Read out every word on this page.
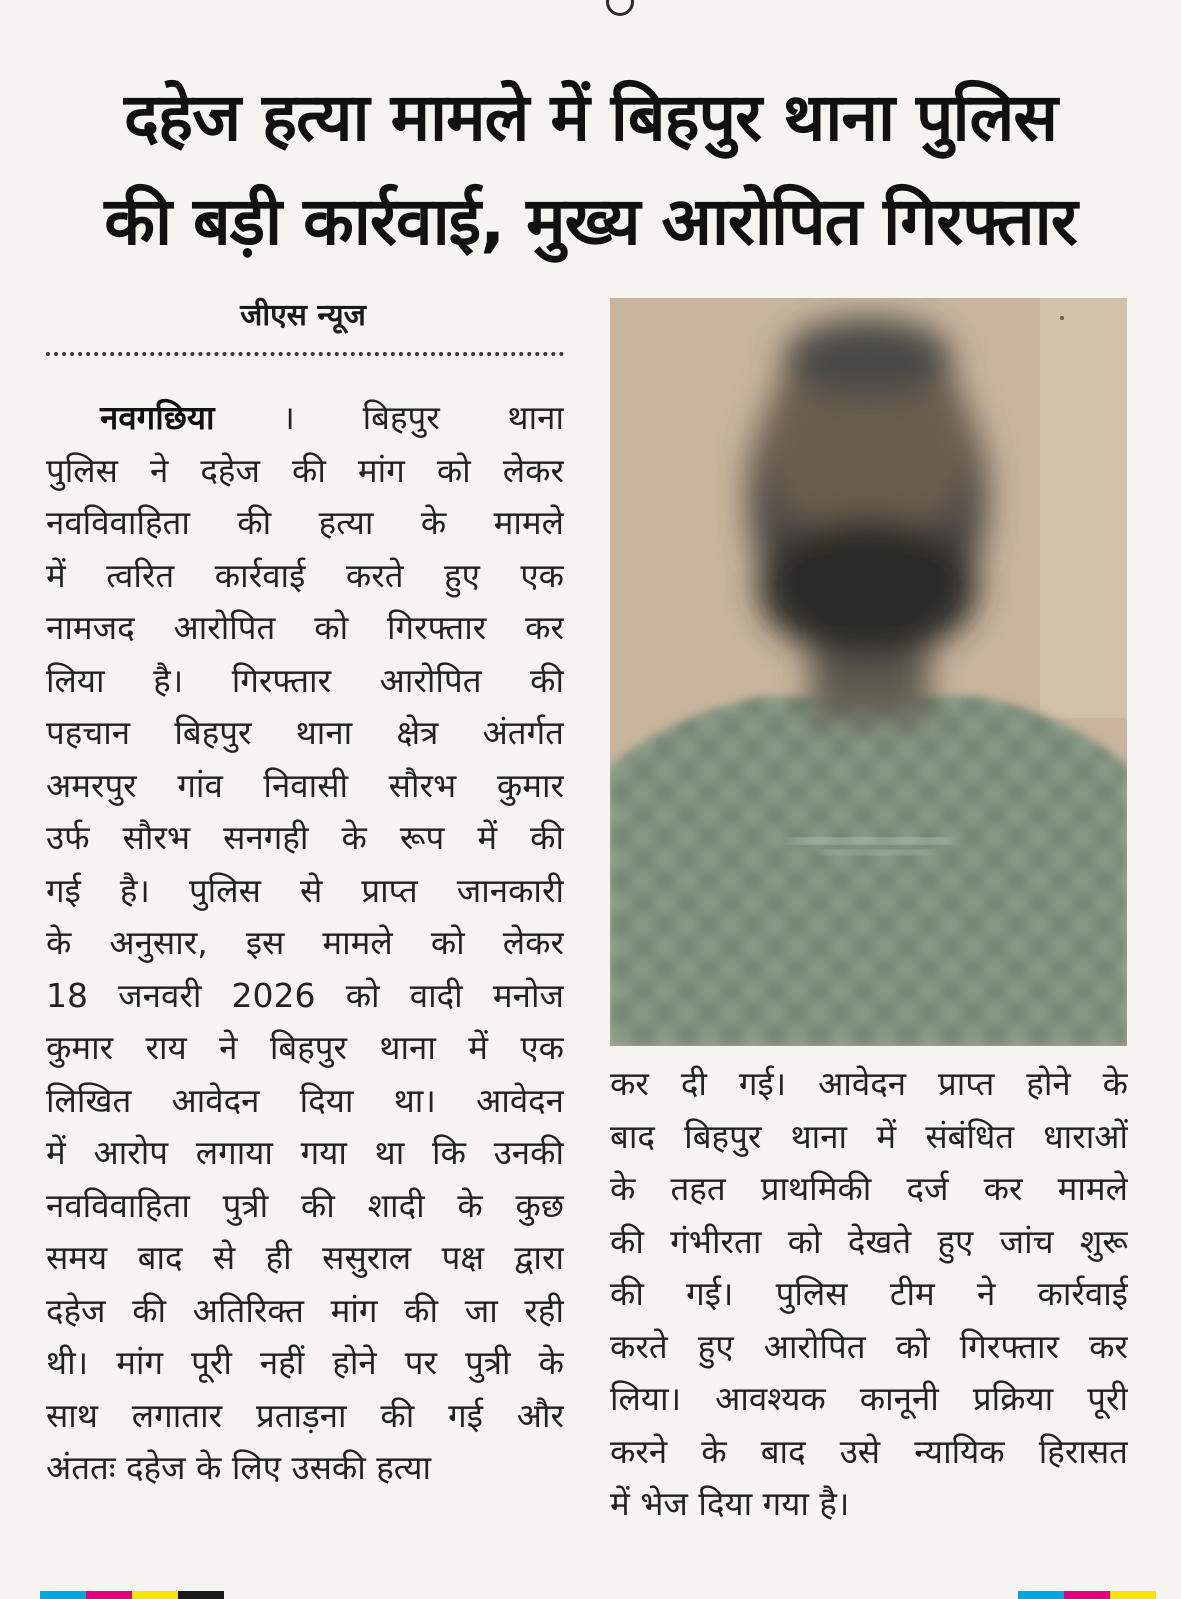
दहेज हत्या मामले में बिहपुर थाना पुलिस
की बड़ी कार्रवाई, मुख्य आरोपित गिरफ्तार
जीएस न्यूज
नवगछिया । बिहपुर थाना
पुलिस ने दहेज की मांग को लेकर
नवविवाहिता की हत्या के मामले
में त्वरित कार्रवाई करते हुए एक
नामजद आरोपित को गिरफ्तार कर
लिया है। गिरफ्तार आरोपित की
पहचान बिहपुर थाना क्षेत्र अंतर्गत
अमरपुर गांव निवासी सौरभ कुमार
उर्फ सौरभ सनगही के रूप में की
गई है। पुलिस से प्राप्त जानकारी
के अनुसार, इस मामले को लेकर
18 जनवरी 2026 को वादी मनोज
कुमार राय ने बिहपुर थाना में एक
लिखित आवेदन दिया था। आवेदन
में आरोप लगाया गया था कि उनकी
नवविवाहिता पुत्री की शादी के कुछ
समय बाद से ही ससुराल पक्ष द्वारा
दहेज की अतिरिक्त मांग की जा रही
थी। मांग पूरी नहीं होने पर पुत्री के
साथ लगातार प्रताड़ना की गई और
अंततः दहेज के लिए उसकी हत्या
कर दी गई। आवेदन प्राप्त होने के
बाद बिहपुर थाना में संबंधित धाराओं
के तहत प्राथमिकी दर्ज कर मामले
की गंभीरता को देखते हुए जांच शुरू
की गई। पुलिस टीम ने कार्रवाई
करते हुए आरोपित को गिरफ्तार कर
लिया। आवश्यक कानूनी प्रक्रिया पूरी
करने के बाद उसे न्यायिक हिरासत
में भेज दिया गया है।
